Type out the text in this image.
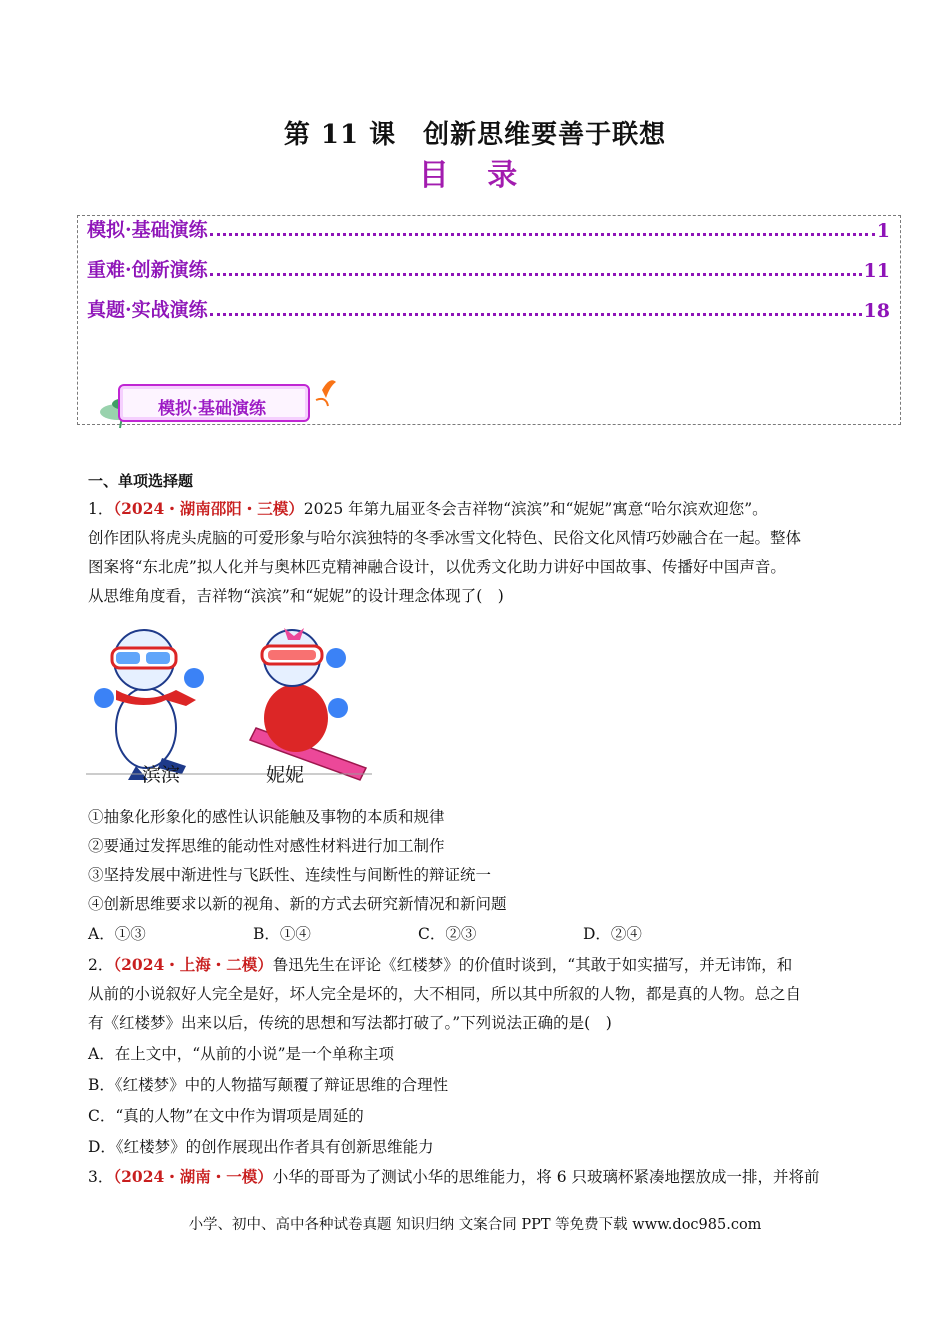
第 11 课　创新思维要善于联想
目 录
模拟·基础演练	1
重难·创新演练	11
真题·实战演练	18
模拟·基础演练
一、单项选择题
1．（2024・湖南邵阳・三模）2025 年第九届亚冬会吉祥物“滨滨”和“妮妮”寓意“哈尔滨欢迎您”。
创作团队将虎头虎脑的可爱形象与哈尔滨独特的冬季冰雪文化特色、民俗文化风情巧妙融合在一起。整体
图案将“东北虎”拟人化并与奥林匹克精神融合设计，以优秀文化助力讲好中国故事、传播好中国声音。
从思维角度看，吉祥物“滨滨”和“妮妮”的设计理念体现了(　)
滨滨	妮妮
①抽象化形象化的感性认识能触及事物的本质和规律
②要通过发挥思维的能动性对感性材料进行加工制作
③坚持发展中渐进性与飞跃性、连续性与间断性的辩证统一
④创新思维要求以新的视角、新的方式去研究新情况和新问题
A．①③	B．①④	C．②③	D．②④
2．（2024・上海・二模）鲁迅先生在评论《红楼梦》的价值时谈到，“其敢于如实描写，并无讳饰，和
从前的小说叙好人完全是好，坏人完全是坏的，大不相同，所以其中所叙的人物，都是真的人物。总之自
有《红楼梦》出来以后，传统的思想和写法都打破了。”下列说法正确的是(　)
A．在上文中，“从前的小说”是一个单称主项
B．《红楼梦》中的人物描写颠覆了辩证思维的合理性
C．“真的人物”在文中作为谓项是周延的
D．《红楼梦》的创作展现出作者具有创新思维能力
3．（2024・湖南・一模）小华的哥哥为了测试小华的思维能力，将 6 只玻璃杯紧凑地摆放成一排，并将前
小学、初中、高中各种试卷真题 知识归纳 文案合同 PPT 等免费下载 www.doc985.com
